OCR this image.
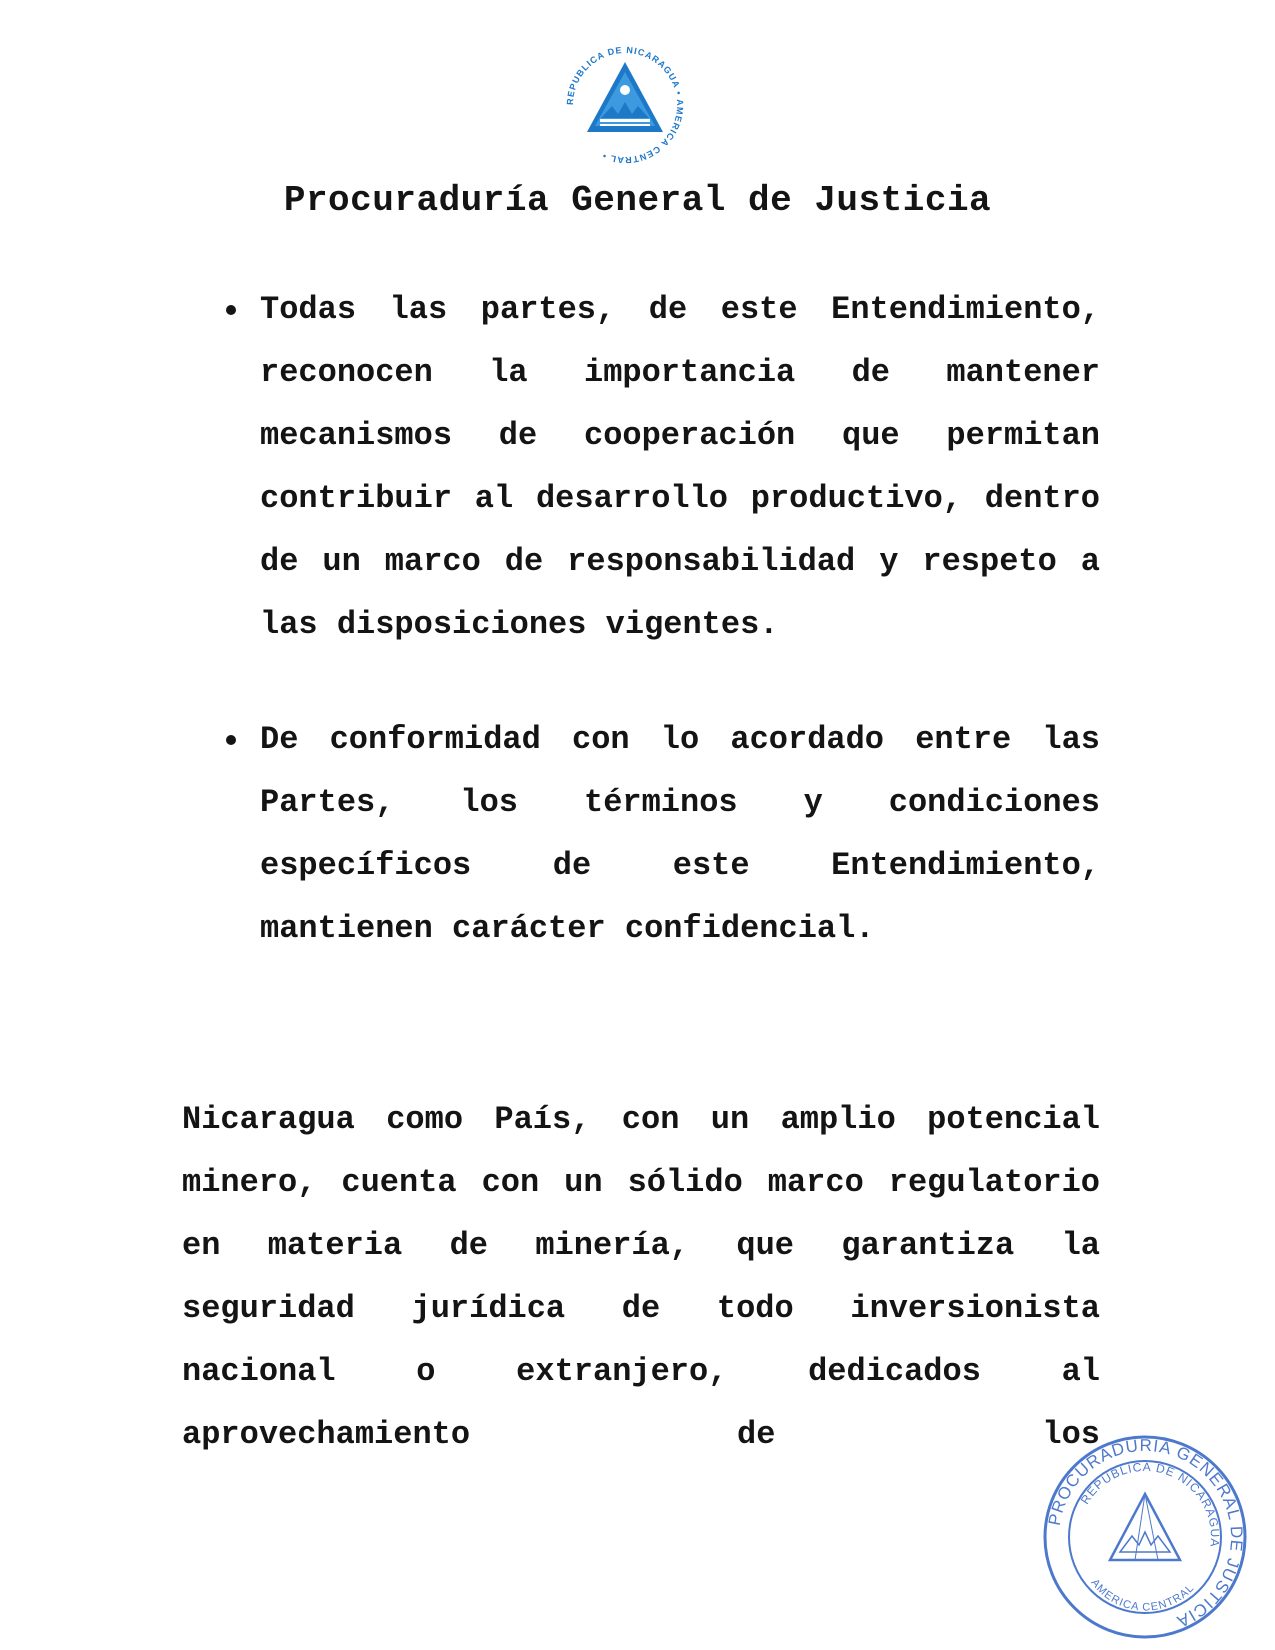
REPUBLICA DE NICARAGUA • AMERICA CENTRAL •
Procuraduría General de Justicia
Todas las partes, de este Entendimiento, reconocen la importancia de mantener mecanismos de cooperación que permitan contribuir al desarrollo productivo, dentro de un marco de responsabilidad y respeto a las disposiciones vigentes.
De conformidad con lo acordado entre las Partes, los términos y condiciones específicos de este Entendimiento, mantienen carácter confidencial.

Nicaragua como País, con un amplio potencial minero, cuenta con un sólido marco regulatorio en materia de minería, que garantiza la seguridad jurídica de todo inversionista nacional o extranjero, dedicados al aprovechamiento de los

PROCURADURIA GENERAL DE JUSTICIA
REPUBLICA DE NICARAGUA
AMERICA CENTRAL
